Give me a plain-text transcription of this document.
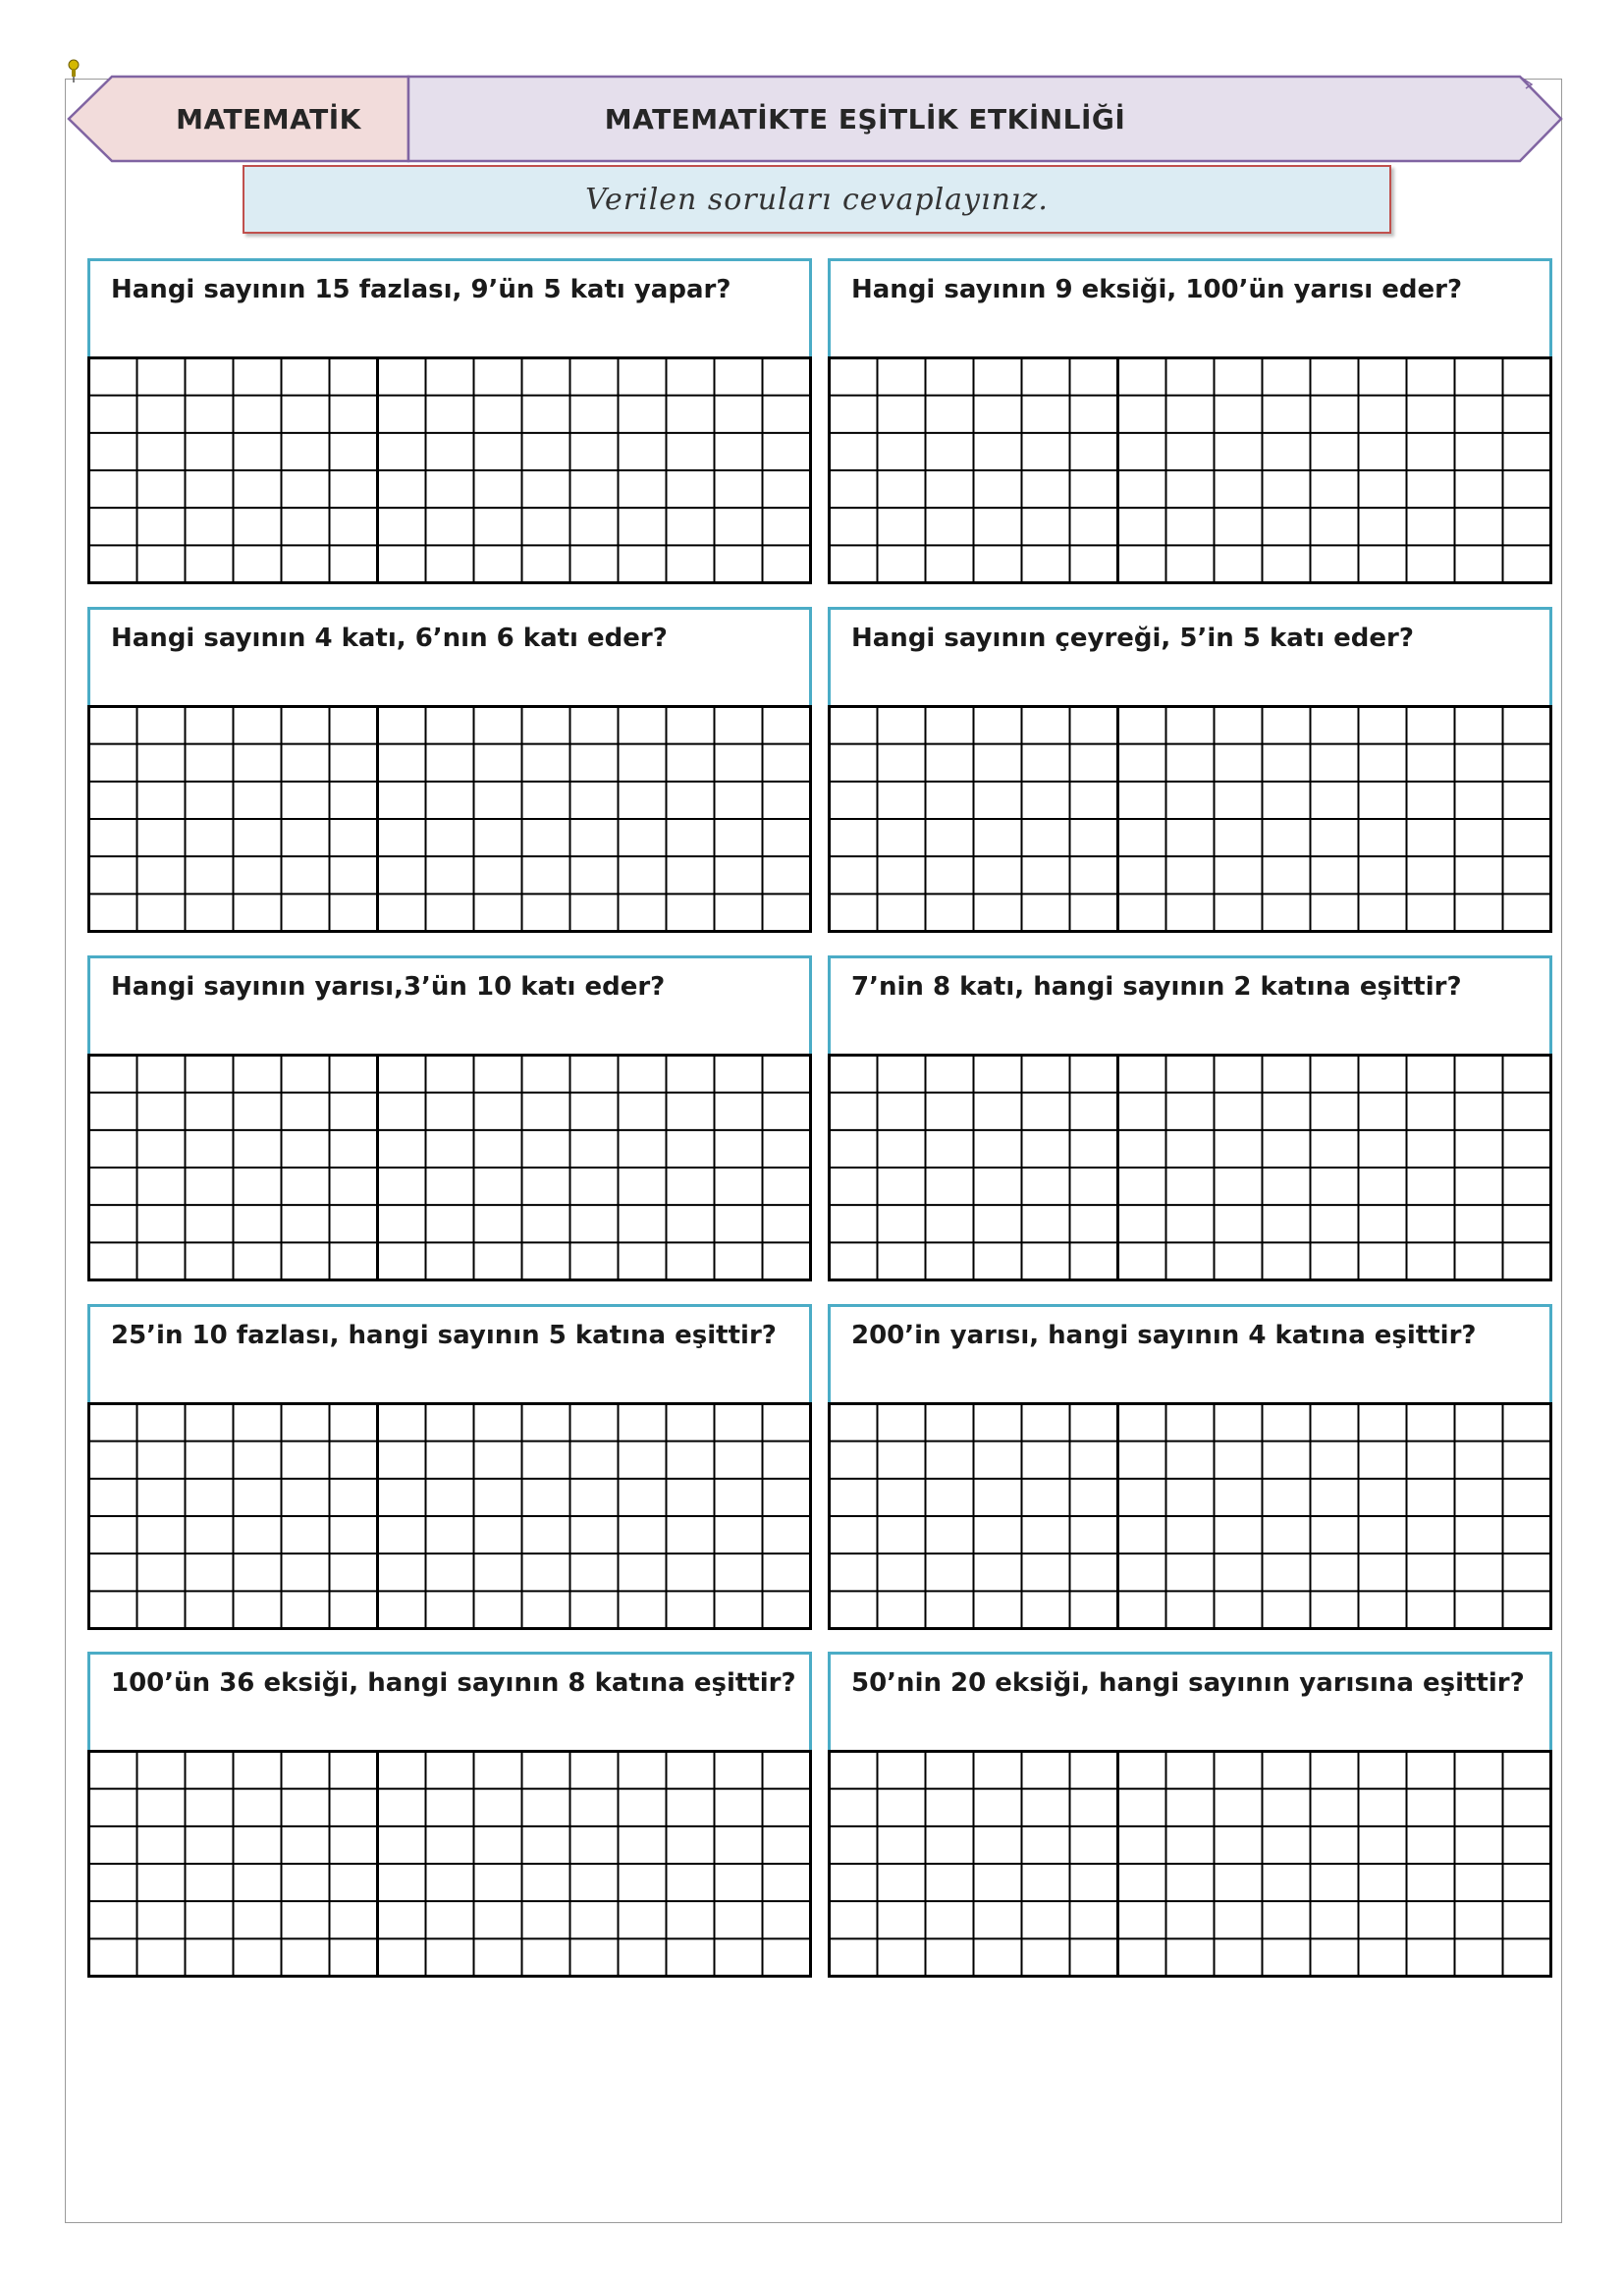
MATEMATİK	MATEMATİKTE EŞİTLİK ETKİNLİĞİ
Verilen soruları cevaplayınız.
Hangi sayının 15 fazlası, 9’ün 5 katı yapar?	Hangi sayının 9 eksiği, 100’ün yarısı eder?
Hangi sayının 4 katı, 6’nın 6 katı eder?	Hangi sayının çeyreği, 5’in 5 katı eder?
Hangi sayının yarısı,3’ün 10 katı eder?	7’nin 8 katı, hangi sayının 2 katına eşittir?
25’in 10 fazlası, hangi sayının 5 katına eşittir?	200’in yarısı, hangi sayının 4 katına eşittir?
100’ün 36 eksiği, hangi sayının 8 katına eşittir? 50’nin 20 eksiği, hangi sayının yarısına eşittir?
